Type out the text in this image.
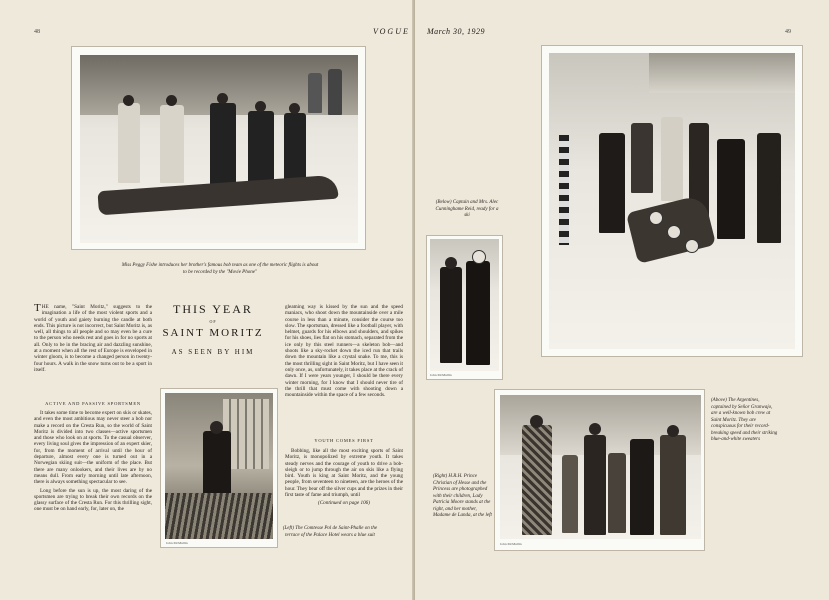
48
Miss Peggy Fishe introduces her brother's famous bob team as one of the meteoric flights is about to be recorded by the "Movie Phone"
THIS YEAR
OF
SAINT MORITZ
AS SEEN BY HIM

THE name, "Saint Moritz," suggests to the imagination a life of the most violent sports and a world of youth and gaiety burning the candle at both ends. This picture is not incorrect, but Saint Moritz is, as well, all things to all people and so may even be a cure to the person who needs rest and goes in for no sports at all. Only to be in the bracing air and dazzling sunshine, at a moment when all the rest of Europe is enveloped in winter gloom, is to become a changed person in twenty-four hours. A walk in the snow turns out to be a sport in itself.

ACTIVE AND PASSIVE SPORTSMEN

It takes some time to become expert on skis or skates, and even the most ambitious may never steer a bob nor make a record on the Cresta Run, so the world of Saint Moritz is divided into two classes—active sportsmen and those who look on at sports. To the casual observer, every living soul gives the impression of an expert skier, for, from the moment of arrival until the hour of departure, almost every one is turned out in a Norwegian skiing suit—the uniform of the place. But there are many onlookers, and their lives are by no means dull. From early morning until late afternoon, there is always something spectacular to see.

Long before the sun is up, the most daring of the sportsmen are trying to break their own records on the glassy surface of the Cresta Run. For this thrilling sight, one must be on hand early, for, later on, the

gleaming way is kissed by the sun and the speed maniacs, who shoot down the mountainside over a mile course in less than a minute, consider the course too slow. The sportsman, dressed like a football player, with helmet, guards for his elbows and shoulders, and spikes for his shoes, lies flat on his stomach, separated from the ice only by this steel runners—a skeleton bob—and shoots like a sky-rocket down the iced run that trails down the mountain like a crystal snake. To me, this is the most thrilling sight in Saint Moritz, but I have seen it only once, as, unfortunately, it takes place at the crack of dawn. If I were years younger, I should be there every winter morning, for I know that I should never tire of the thrill that must come with shooting down a mountainside within the space of a few seconds.

YOUTH COMES FIRST

Bobbing, like all the most exciting sports of Saint Moritz, is monopolized by extreme youth. It takes steady nerves and the courage of youth to drive a bob-sleigh or to jump through the air on skis like a flying bird. Youth is king at Saint Moritz, and the young people, from seventeen to nineteen, are the heroes of the hour. They bear off the silver cups and the prizes in their first taste of fame and triumph, until

(Continued on page 106)

John McMullin
(Left) The Comtesse Pol de Saint-Phalle on the terrace of the Palace Hotel wears a blue suit
VOGUE March 30, 1929	49
(Below) Captain and Mrs. Alec Cunninghame Reid, ready for a ski
John McMullin
John McMullin
(Right) H.R.H. Prince Christian of Hesse and the Princess are photographed with their children, Lady Patricia Moore stands at the right, and her mother, Madame de Landa, at the left
(Above) The Argentines, captained by Señor Granwajo, are a well-known bob crew at Saint Moritz. They are conspicuous for their record-breaking speed and their striking blue-and-white sweaters
